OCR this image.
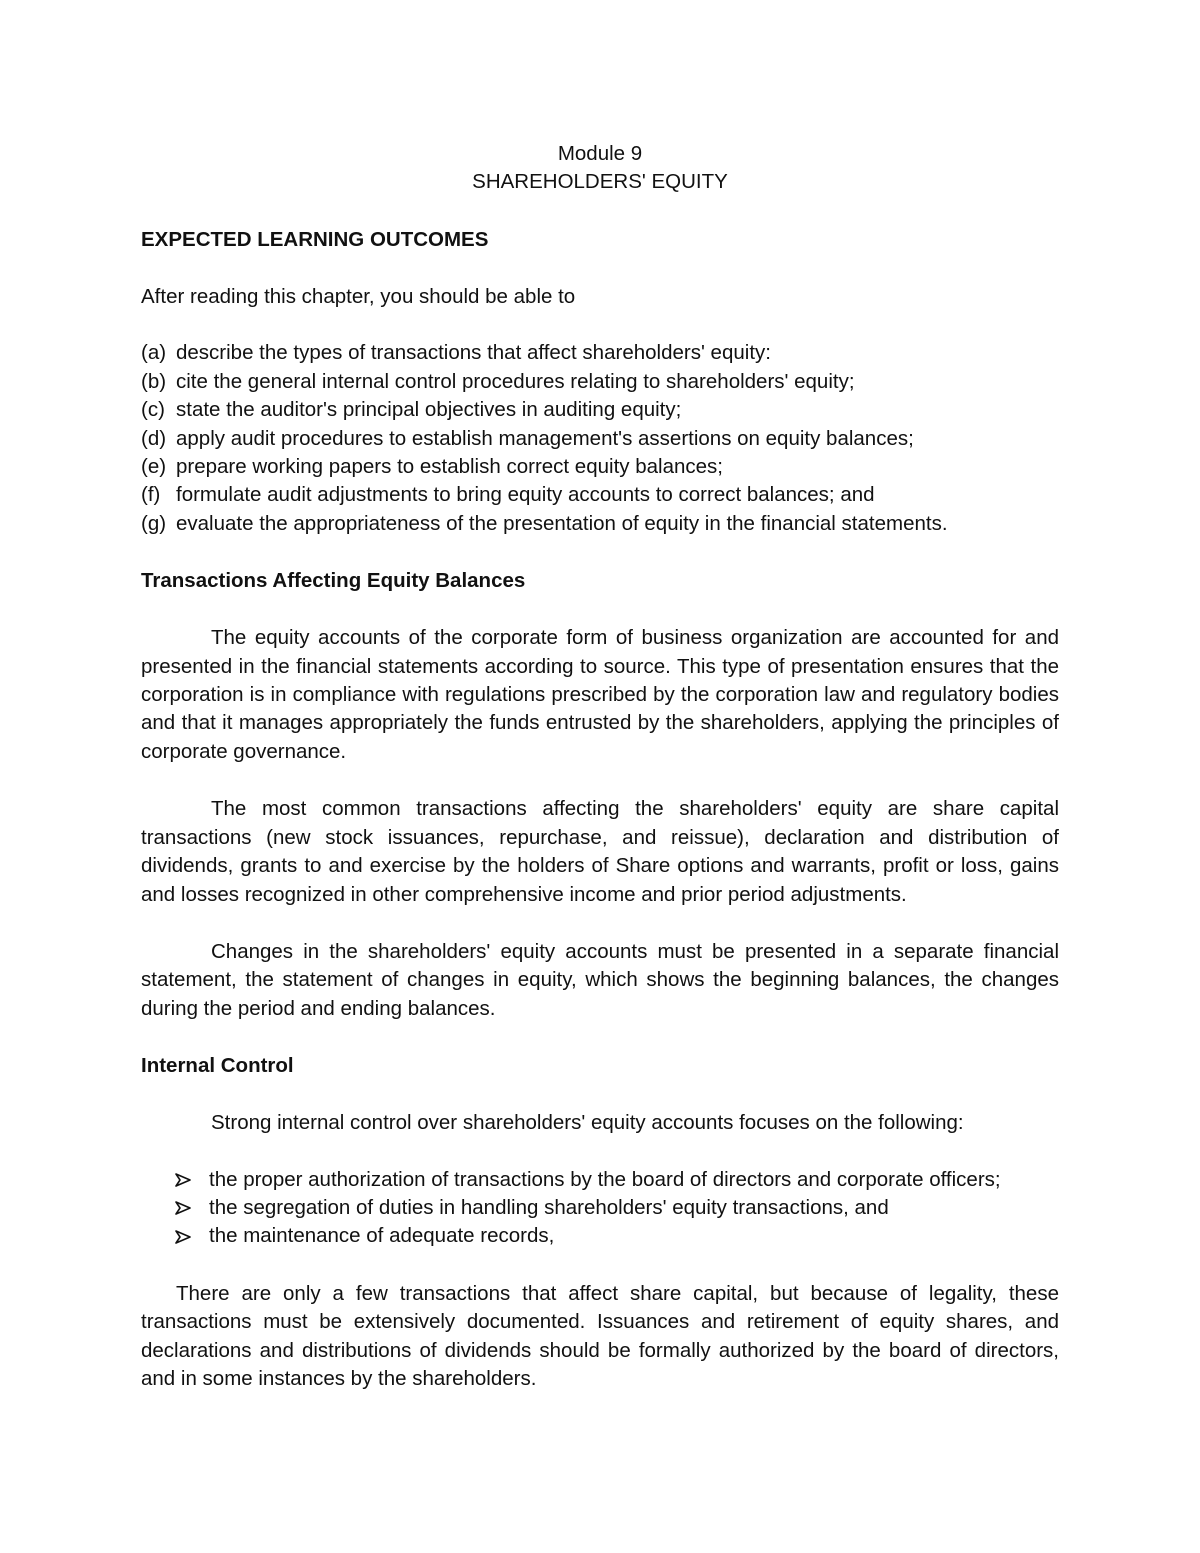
Module 9
SHAREHOLDERS' EQUITY
EXPECTED LEARNING OUTCOMES
After reading this chapter, you should be able to
(a) describe the types of transactions that affect shareholders' equity:
(b) cite the general internal control procedures relating to shareholders' equity;
(c) state the auditor's principal objectives in auditing equity;
(d) apply audit procedures to establish management's assertions on equity balances;
(e) prepare working papers to establish correct equity balances;
(f) formulate audit adjustments to bring equity accounts to correct balances; and
(g) evaluate the appropriateness of the presentation of equity in the financial statements.
Transactions Affecting Equity Balances
The equity accounts of the corporate form of business organization are accounted for and presented in the financial statements according to source. This type of presentation ensures that the corporation is in compliance with regulations prescribed by the corporation law and regulatory bodies and that it manages appropriately the funds entrusted by the shareholders, applying the principles of corporate governance.
The most common transactions affecting the shareholders' equity are share capital transactions (new stock issuances, repurchase, and reissue), declaration and distribution of dividends, grants to and exercise by the holders of Share options and warrants, profit or loss, gains and losses recognized in other comprehensive income and prior period adjustments.
Changes in the shareholders' equity accounts must be presented in a separate financial statement, the statement of changes in equity, which shows the beginning balances, the changes during the period and ending balances.
Internal Control
Strong internal control over shareholders' equity accounts focuses on the following:
the proper authorization of transactions by the board of directors and corporate officers;
the segregation of duties in handling shareholders' equity transactions, and
the maintenance of adequate records,
There are only a few transactions that affect share capital, but because of legality, these transactions must be extensively documented. Issuances and retirement of equity shares, and declarations and distributions of dividends should be formally authorized by the board of directors, and in some instances by the shareholders.
